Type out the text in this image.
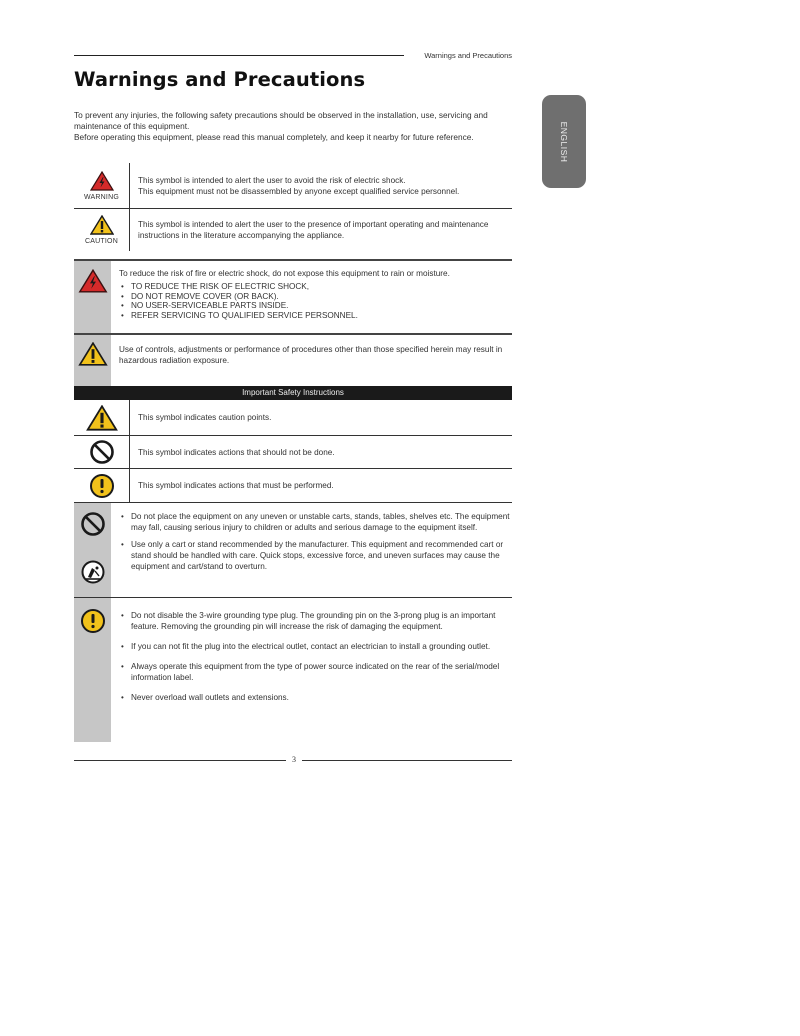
Warnings and Precautions
Warnings and Precautions
ENGLISH
To prevent any injuries, the following safety precautions should be observed in the installation, use, servicing and maintenance of this equipment.
Before operating this equipment, please read this manual completely, and keep it nearby for future reference.
WARNING
This symbol is intended to alert the user to avoid the risk of electric shock.
This equipment must not be disassembled by anyone except qualified service personnel.
CAUTION
This symbol is intended to alert the user to the presence of important operating and maintenance instructions in the literature accompanying the appliance.
To reduce the risk of fire or electric shock, do not expose this equipment to rain or moisture.
• TO REDUCE THE RISK OF ELECTRIC SHOCK,
• DO NOT REMOVE COVER (OR BACK).
• NO USER-SERVICEABLE PARTS INSIDE.
• REFER SERVICING TO QUALIFIED SERVICE PERSONNEL.
Use of controls, adjustments or performance of procedures other than those specified herein may result in hazardous radiation exposure.
Important Safety Instructions
This symbol indicates caution points.
This symbol indicates actions that should not be done.
This symbol indicates actions that must be performed.
• Do not place the equipment on any uneven or unstable carts, stands, tables, shelves etc. The equipment may fall, causing serious injury to children or adults and serious damage to the equipment itself.
• Use only a cart or stand recommended by the manufacturer. This equipment and recommended cart or stand should be handled with care. Quick stops, excessive force, and uneven surfaces may cause the equipment and cart/stand to overturn.
• Do not disable the 3-wire grounding type plug. The grounding pin on the 3-prong plug is an important feature. Removing the grounding pin will increase the risk of damaging the equipment.
• If you can not fit the plug into the electrical outlet, contact an electrician to install a grounding outlet.
• Always operate this equipment from the type of power source indicated on the rear of the serial/model information label.
• Never overload wall outlets and extensions.
3
